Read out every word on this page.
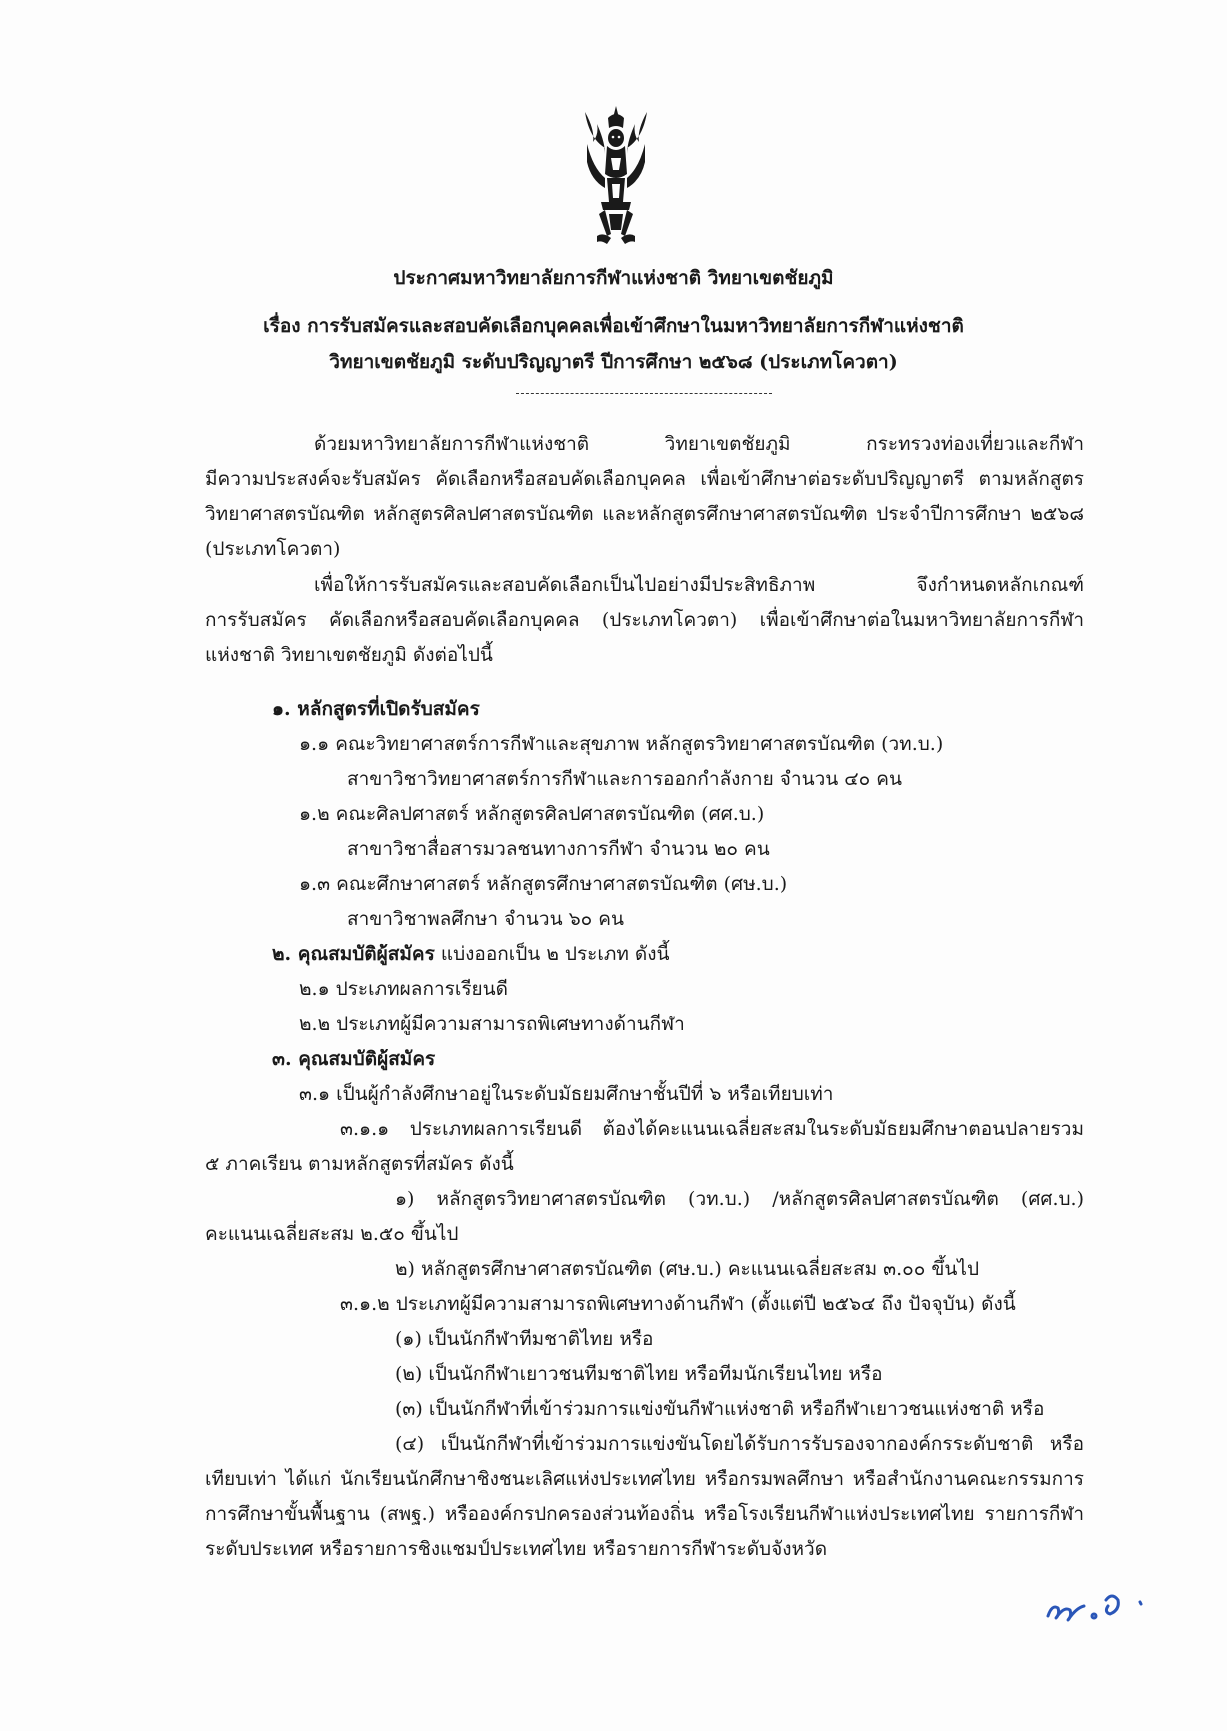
ประกาศมหาวิทยาลัยการกีฬาแห่งชาติ วิทยาเขตชัยภูมิ
เรื่อง การรับสมัครและสอบคัดเลือกบุคคลเพื่อเข้าศึกษาในมหาวิทยาลัยการกีฬาแห่งชาติ
วิทยาเขตชัยภูมิ ระดับปริญญาตรี ปีการศึกษา ๒๕๖๘ (ประเภทโควตา)
ด้วยมหาวิทยาลัยการกีฬาแห่งชาติ วิทยาเขตชัยภูมิ กระทรวงท่องเที่ยวและกีฬา
มีความประสงค์จะรับสมัคร คัดเลือกหรือสอบคัดเลือกบุคคล เพื่อเข้าศึกษาต่อระดับปริญญาตรี ตามหลักสูตร
วิทยาศาสตรบัณฑิต หลักสูตรศิลปศาสตรบัณฑิต และหลักสูตรศึกษาศาสตรบัณฑิต ประจำปีการศึกษา ๒๕๖๘
(ประเภทโควตา)
เพื่อให้การรับสมัครและสอบคัดเลือกเป็นไปอย่างมีประสิทธิภาพ จึงกำหนดหลักเกณฑ์
การรับสมัคร คัดเลือกหรือสอบคัดเลือกบุคคล (ประเภทโควตา) เพื่อเข้าศึกษาต่อในมหาวิทยาลัยการกีฬา
แห่งชาติ วิทยาเขตชัยภูมิ ดังต่อไปนี้
๑. หลักสูตรที่เปิดรับสมัคร
๑.๑ คณะวิทยาศาสตร์การกีฬาและสุขภาพ หลักสูตรวิทยาศาสตรบัณฑิต (วท.บ.)
สาขาวิชาวิทยาศาสตร์การกีฬาและการออกกำลังกาย จำนวน ๔๐ คน
๑.๒ คณะศิลปศาสตร์ หลักสูตรศิลปศาสตรบัณฑิต (ศศ.บ.)
สาขาวิชาสื่อสารมวลชนทางการกีฬา จำนวน ๒๐ คน
๑.๓ คณะศึกษาศาสตร์ หลักสูตรศึกษาศาสตรบัณฑิต (ศษ.บ.)
สาขาวิชาพลศึกษา จำนวน ๖๐ คน
๒. คุณสมบัติผู้สมัคร แบ่งออกเป็น ๒ ประเภท ดังนี้
๒.๑ ประเภทผลการเรียนดี
๒.๒ ประเภทผู้มีความสามารถพิเศษทางด้านกีฬา
๓. คุณสมบัติผู้สมัคร
๓.๑ เป็นผู้กำลังศึกษาอยู่ในระดับมัธยมศึกษาชั้นปีที่ ๖ หรือเทียบเท่า
๓.๑.๑ ประเภทผลการเรียนดี ต้องได้คะแนนเฉลี่ยสะสมในระดับมัธยมศึกษาตอนปลายรวม
๕ ภาคเรียน ตามหลักสูตรที่สมัคร ดังนี้
๑) หลักสูตรวิทยาศาสตรบัณฑิต (วท.บ.) /หลักสูตรศิลปศาสตรบัณฑิต (ศศ.บ.)
คะแนนเฉลี่ยสะสม ๒.๕๐ ขึ้นไป
๒) หลักสูตรศึกษาศาสตรบัณฑิต (ศษ.บ.) คะแนนเฉลี่ยสะสม ๓.๐๐ ขึ้นไป
๓.๑.๒ ประเภทผู้มีความสามารถพิเศษทางด้านกีฬา (ตั้งแต่ปี ๒๕๖๔ ถึง ปัจจุบัน) ดังนี้
(๑) เป็นนักกีฬาทีมชาติไทย หรือ
(๒) เป็นนักกีฬาเยาวชนทีมชาติไทย หรือทีมนักเรียนไทย หรือ
(๓) เป็นนักกีฬาที่เข้าร่วมการแข่งขันกีฬาแห่งชาติ หรือกีฬาเยาวชนแห่งชาติ หรือ
(๔) เป็นนักกีฬาที่เข้าร่วมการแข่งขันโดยได้รับการรับรองจากองค์กรระดับชาติ หรือ
เทียบเท่า ได้แก่ นักเรียนนักศึกษาชิงชนะเลิศแห่งประเทศไทย หรือกรมพลศึกษา หรือสำนักงานคณะกรรมการ
การศึกษาขั้นพื้นฐาน (สพฐ.) หรือองค์กรปกครองส่วนท้องถิ่น หรือโรงเรียนกีฬาแห่งประเทศไทย รายการกีฬา
ระดับประเทศ หรือรายการชิงแชมป์ประเทศไทย หรือรายการกีฬาระดับจังหวัด
